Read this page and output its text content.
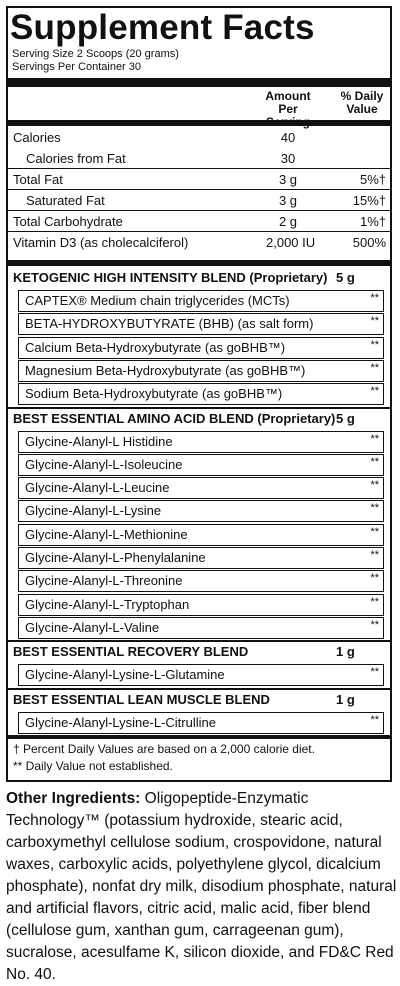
Supplement Facts
Serving Size 2 Scoops (20 grams)
Servings Per Container 30
Amount Per
% Daily
Value
Calories	40
Calories from Fat	30
Total Fat	3 g	5%†
Saturated Fat	3 g	15%†
Total Carbohydrate	2 g	1%†
Vitamin D3 (as cholecalciferol)	2,000 IU	500%
KETOGENIC HIGH INTENSITY BLEND (Proprietary) 5 g
CAPTEX® Medium chain triglycerides (MCTs)	**
BETA-HYDROXYBUTYRATE (BHB) (as salt form)	**
Calcium Beta-Hydroxybutyrate (as goBHB™)	**
Magnesium Beta-Hydroxybutyrate (as goBHB™)	**
Sodium Beta-Hydroxybutyrate (as goBHB™)	**
BEST ESSENTIAL AMINO ACID BLEND (Proprietary) 5 g
Glycine-Alanyl-L Histidine	**
Glycine-Alanyl-L-Isoleucine	**
Glycine-Alanyl-L-Leucine	**
Glycine-Alanyl-L-Lysine	**
Glycine-Alanyl-L-Methionine	**
Glycine-Alanyl-L-Phenylalanine	**
Glycine-Alanyl-L-Threonine	**
Glycine-Alanyl-L-Tryptophan	**
Glycine-Alanyl-L-Valine	**
BEST ESSENTIAL RECOVERY BLEND	1 g
Glycine-Alanyl-Lysine-L-Glutamine	**
BEST ESSENTIAL LEAN MUSCLE BLEND	1 g
Glycine-Alanyl-Lysine-L-Citrulline	**
† Percent Daily Values are based on a 2,000 calorie diet.
** Daily Value not established.
Other Ingredients: Oligopeptide-Enzymatic Technology™ (potassium hydroxide, stearic acid, carboxymethyl cellulose sodium, crospovidone, natural waxes, carboxylic acids, polyethylene glycol, dicalcium phosphate), nonfat dry milk, disodium phosphate, natural and artificial flavors, citric acid, malic acid, fiber blend (cellulose gum, xanthan gum, carrageenan gum), sucralose, acesulfame K, silicon dioxide, and FD&C Red No. 40.
